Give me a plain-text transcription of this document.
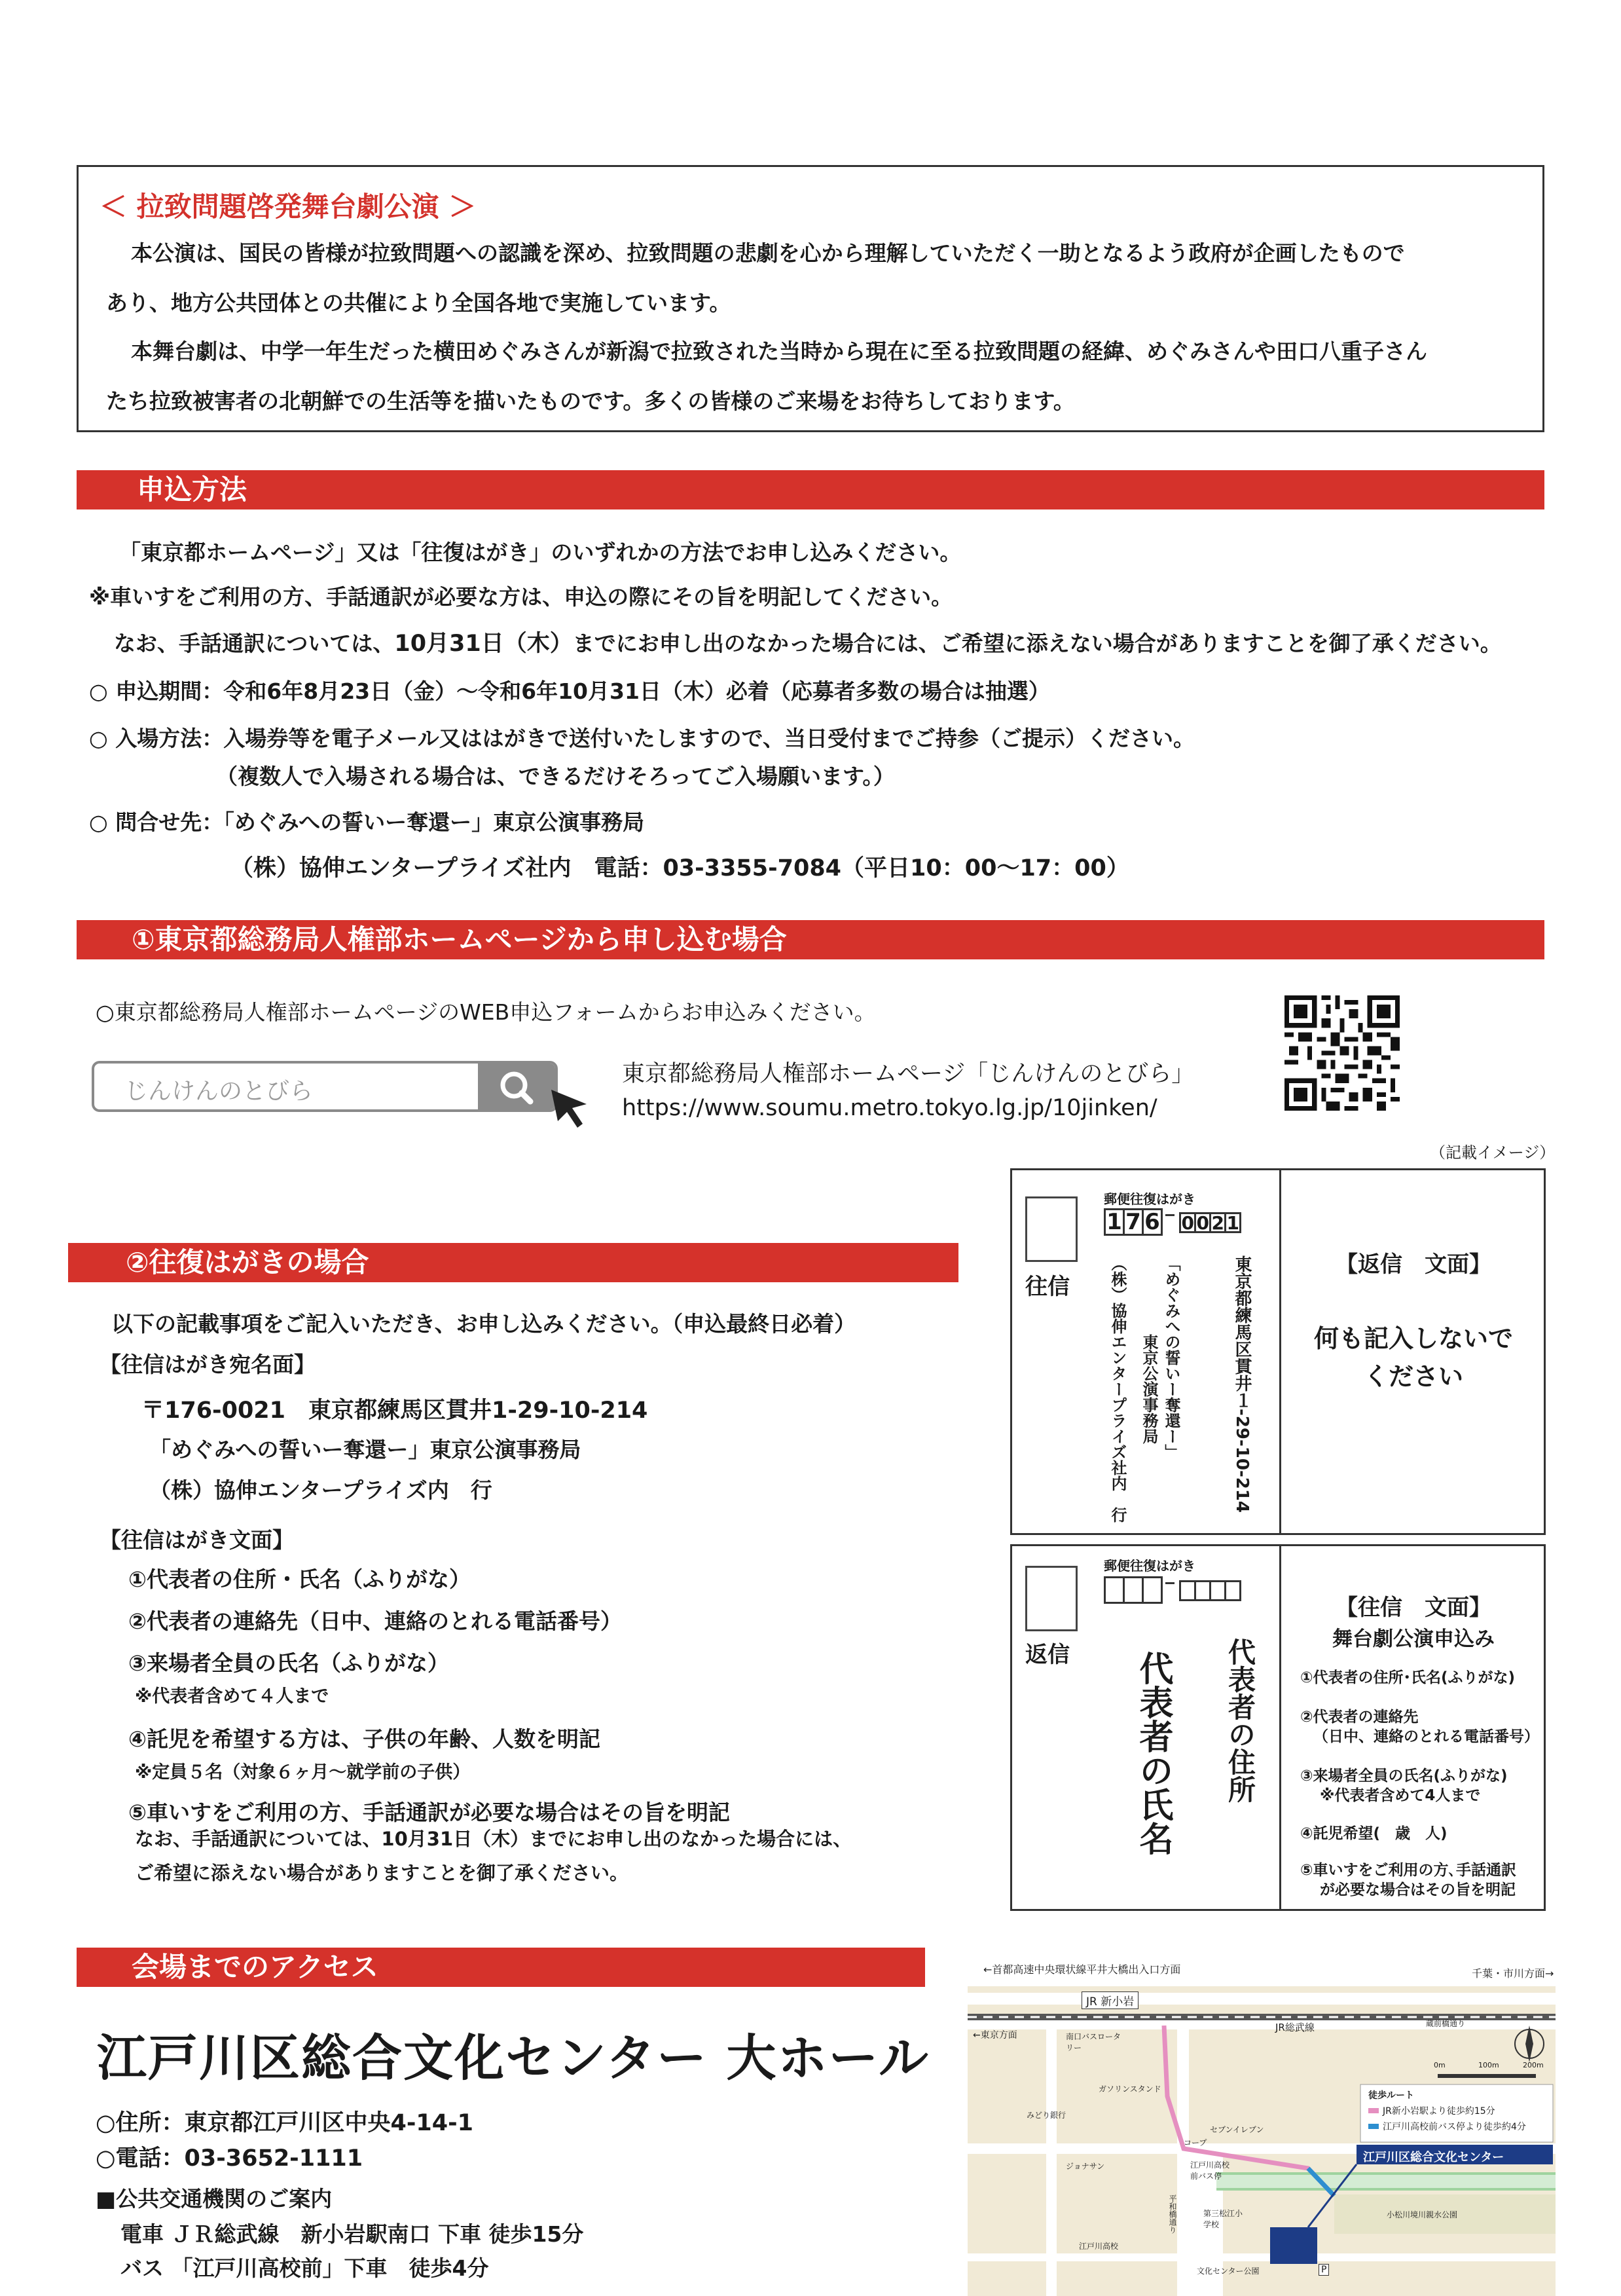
＜ 拉致問題啓発舞台劇公演 ＞
本公演は、国民の皆様が拉致問題への認識を深め、拉致問題の悲劇を心から理解していただく一助となるよう政府が企画したもので
あり、地方公共団体との共催により全国各地で実施しています。
本舞台劇は、中学一年生だった横田めぐみさんが新潟で拉致された当時から現在に至る拉致問題の経緯、めぐみさんや田口八重子さん
たち拉致被害者の北朝鮮での生活等を描いたものです。多くの皆様のご来場をお待ちしております。
申込方法
「東京都ホームページ」又は「往復はがき」のいずれかの方法でお申し込みください。
※車いすをご利用の方、手話通訳が必要な方は、申込の際にその旨を明記してください。
なお、手話通訳については、10月31日（木）までにお申し出のなかった場合には、ご希望に添えない場合がありますことを御了承ください。
○ 申込期間：令和6年8月23日（金）～令和6年10月31日（木）必着（応募者多数の場合は抽選）
○ 入場方法：入場券等を電子メール又ははがきで送付いたしますので、当日受付までご持参（ご提示）ください。
（複数人で入場される場合は、できるだけそろってご入場願います。）
○ 問合せ先：「めぐみへの誓いー奪還ー」東京公演事務局
（株）協伸エンタープライズ社内　電話：03-3355-7084（平日10：00～17：00）
①東京都総務局人権部ホームページから申し込む場合
○東京都総務局人権部ホームページのWEB申込フォームからお申込みください。
じんけんのとびら
東京都総務局人権部ホームページ「じんけんのとびら」
https://www.soumu.metro.tokyo.lg.jp/10jinken/
②往復はがきの場合
以下の記載事項をご記入いただき、お申し込みください。（申込最終日必着）
【往信はがき宛名面】
〒176-0021　東京都練馬区貫井1-29-10-214
「めぐみへの誓いー奪還ー」東京公演事務局
（株）協伸エンタープライズ内　行
【往信はがき文面】
①代表者の住所・氏名（ふりがな）
②代表者の連絡先（日中、連絡のとれる電話番号）
③来場者全員の氏名（ふりがな）
※代表者含めて４人まで
④託児を希望する方は、子供の年齢、人数を明記
※定員５名（対象６ヶ月～就学前の子供）
⑤車いすをご利用の方、手話通訳が必要な場合はその旨を明記
なお、手話通訳については、10月31日（木）までにお申し出のなかった場合には、
ご希望に添えない場合がありますことを御了承ください。
（記載イメージ）
往信
郵便往復はがき
1 7 6 0 0 2 1
東京都練馬区貫井１-29-10-214
「めぐみへの誓いー奪還ー」
東京公演事務局
（株）協伸エンタープライズ社内　行	【返信　文面】
何も記入しないで
ください
返信
郵便往復はがき

代表者の住所
代表者の氏名
【往信　文面】
舞台劇公演申込み
①代表者の住所･氏名(ふりがな)
②代表者の連絡先
（日中、連絡のとれる電話番号）
③来場者全員の氏名(ふりがな)
※代表者含めて4人まで
④託児希望(　歳　人)
⑤車いすをご利用の方､手話通訳
が必要な場合はその旨を明記
会場までのアクセス
江戸川区総合文化センター 大ホール
○住所：東京都江戸川区中央4-14-1
○電話：03-3652-1111
■公共交通機関のご案内
電車 ＪＲ総武線　新小岩駅南口 下車 徒歩15分
バス 「江戸川高校前」下車　徒歩4分
←首都高速中央環状線平井大橋出入口方面	千葉・市川方面→
JR 新小岩
JR総武線
←東京方面	南口バスロータリー
ガソリンスタンド
みどり銀行
セブンイレブン
コープ
江戸川高校前バス停
ジョナサン
第三松江小学校
小松川境川親水公園
平和橋通り
江戸川高校
文化センター公園
蔵前橋通り
P
徒歩ルート
JR新小岩駅より徒歩約15分
江戸川高校前バス停より徒歩約4分
江戸川区総合文化センター
0m	100m	200m
